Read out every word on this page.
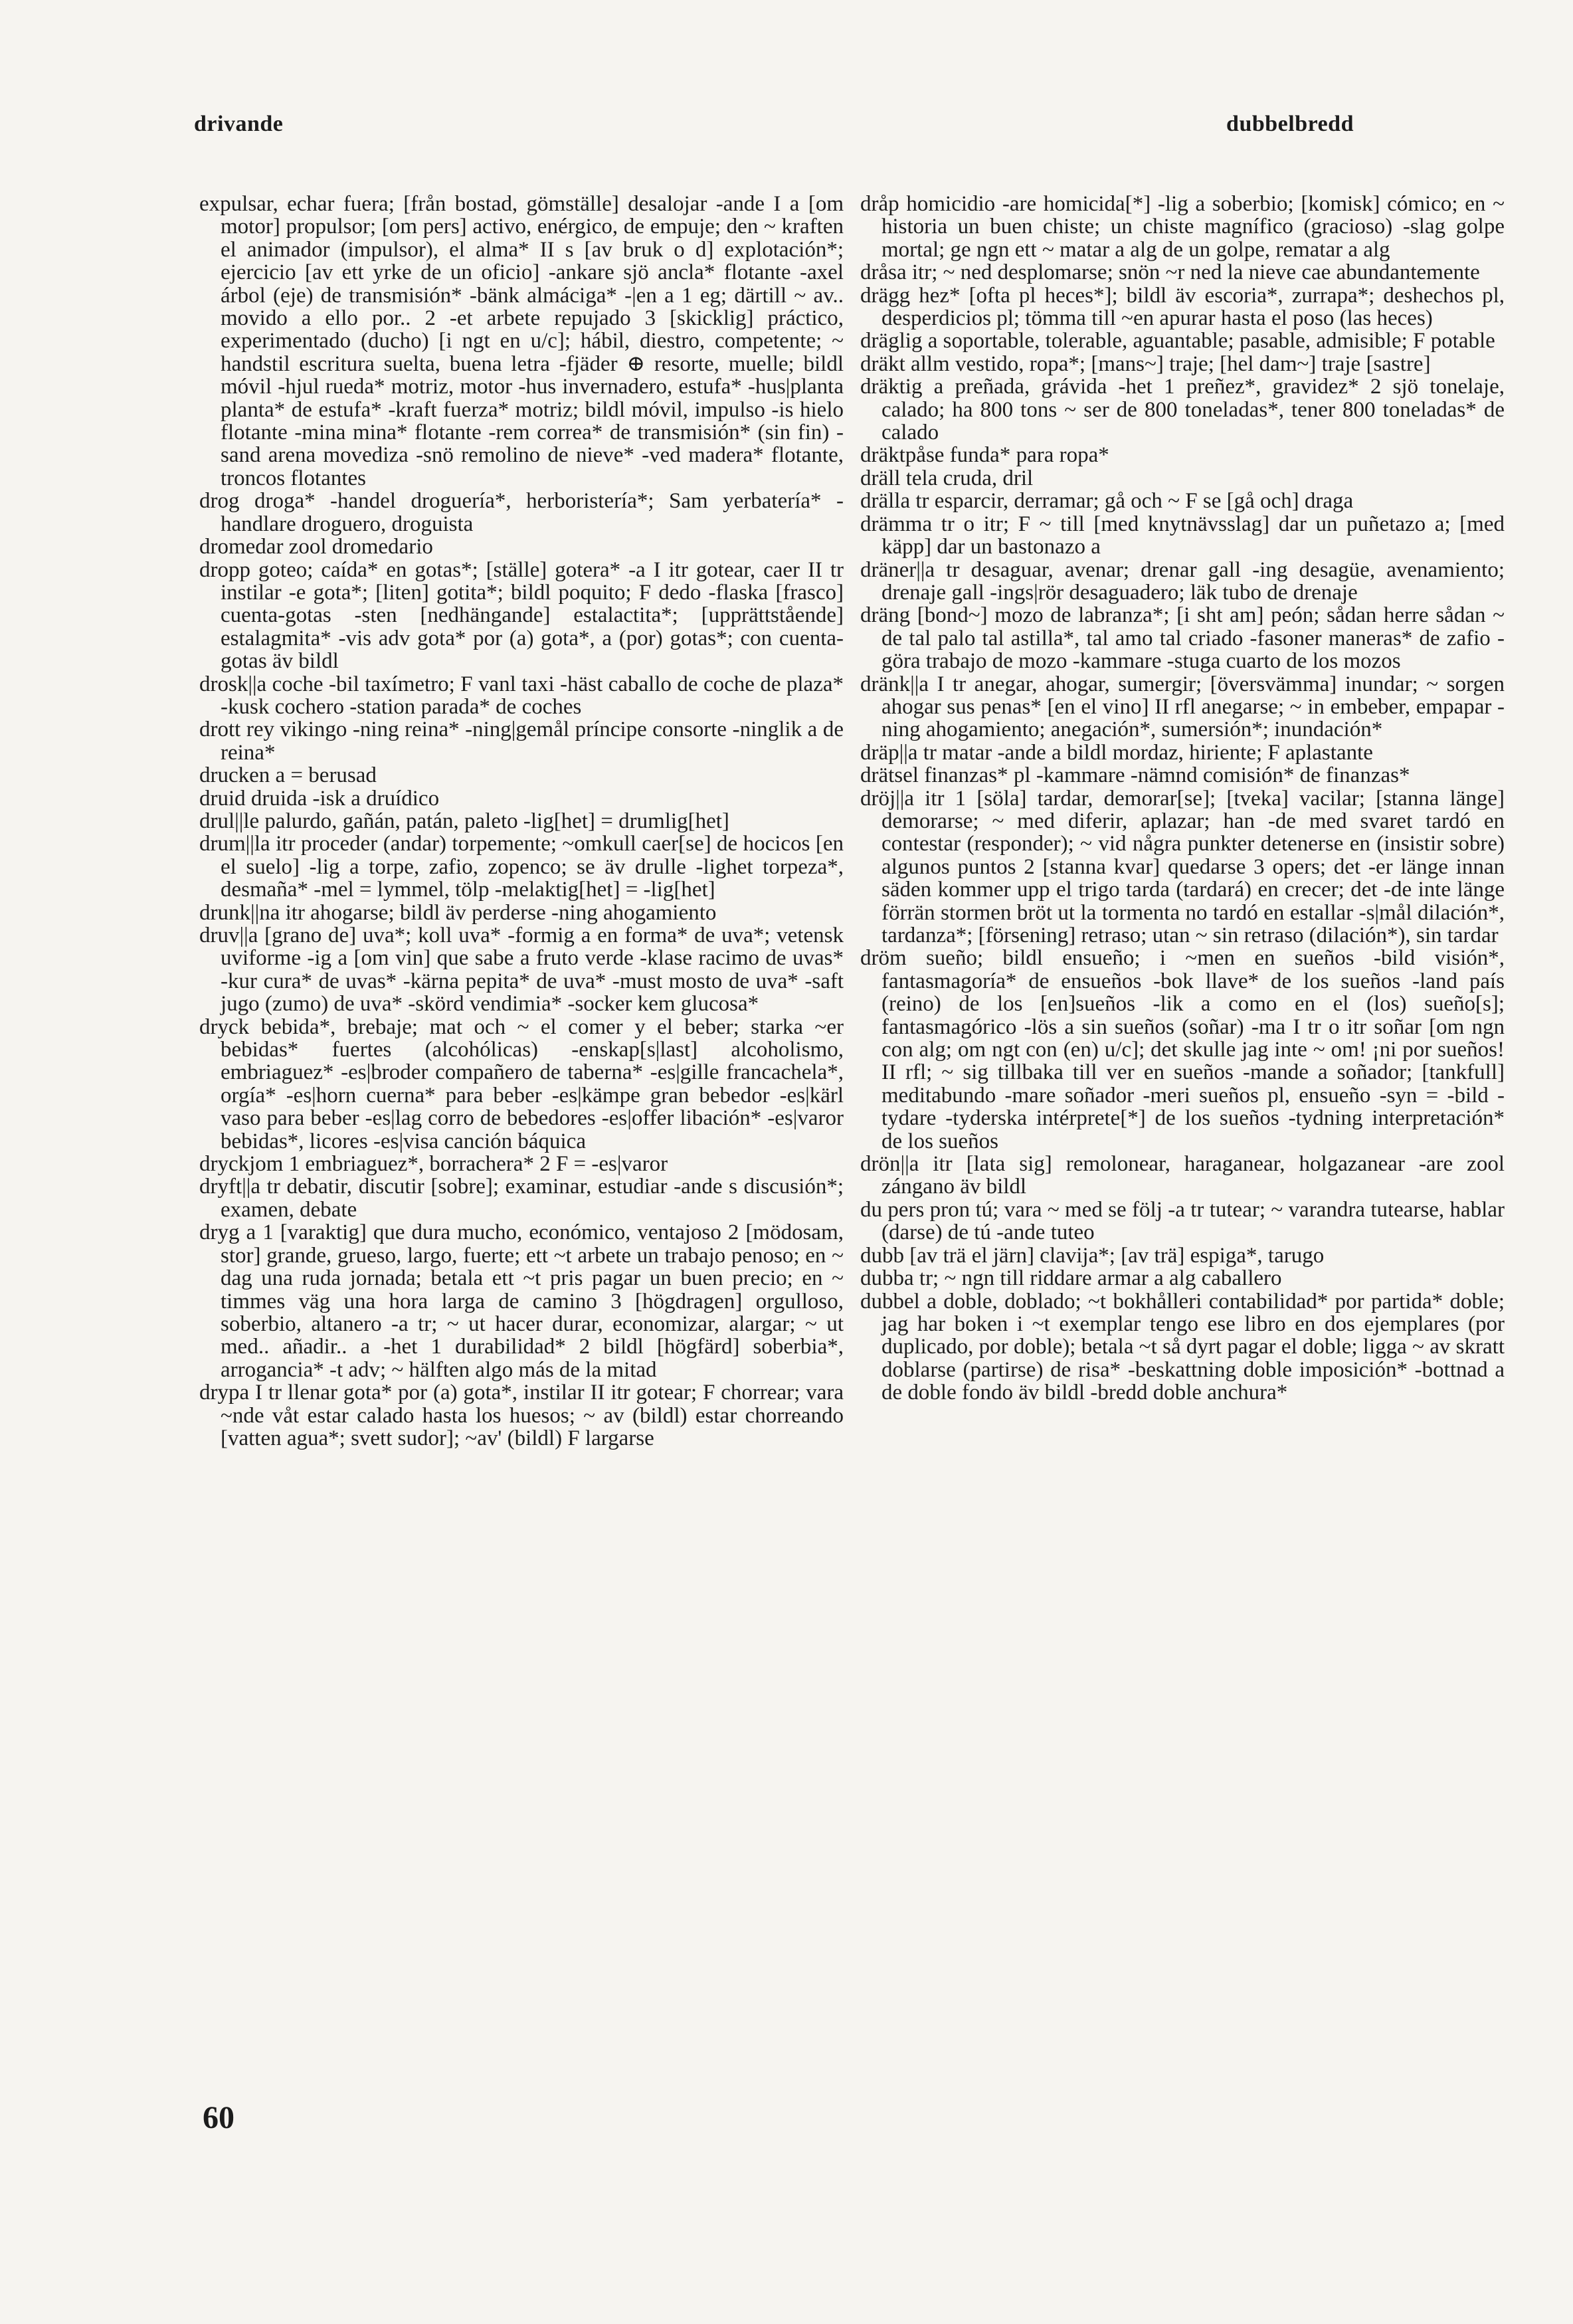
drivande	dubbelbredd

expulsar, echar fuera; [från bostad, gömställe] desalojar -ande I a [om motor] propulsor; [om pers] activo, enérgico, de empuje; den ~ kraften el animador (impulsor), el alma* II s [av bruk o d] explotación*; ejercicio [av ett yrke de un oficio] -ankare sjö ancla* flotante -axel árbol (eje) de transmisión* -bänk almáciga* -|en a 1 eg; därtill ~ av.. movido a ello por.. 2 -et arbete repujado 3 [skicklig] práctico, experimentado (ducho) [i ngt en u/c]; hábil, diestro, competente; ~ handstil escritura suelta, buena letra -fjäder ⊕ resorte, muelle; bildl móvil -hjul rueda* motriz, motor -hus invernadero, estufa* -hus|planta planta* de estufa* -kraft fuerza* motriz; bildl móvil, impulso -is hielo flotante -mina mina* flotante -rem correa* de transmisión* (sin fin) -sand arena movediza -snö remolino de nieve* -ved madera* flotante, troncos flotantes

drog droga* -handel droguería*, herboristería*; Sam yerbatería* -handlare droguero, droguista

dromedar zool dromedario

dropp goteo; caída* en gotas*; [ställe] gotera* -a I itr gotear, caer II tr instilar -e gota*; [liten] gotita*; bildl poquito; F dedo -flaska [frasco] cuenta-gotas -sten [nedhängande] estalactita*; [upprättstående] estalagmita* -vis adv gota* por (a) gota*, a (por) gotas*; con cuenta-gotas äv bildl

drosk||a coche -bil taxímetro; F vanl taxi -häst caballo de coche de plaza* -kusk cochero -station parada* de coches

drott rey vikingo -ning reina* -ning|gemål príncipe consorte -ninglik a de reina*

drucken a = berusad

druid druida -isk a druídico

drul||le palurdo, gañán, patán, paleto -lig[het] = drumlig[het]

drum||la itr proceder (andar) torpemente; ~omkull caer[se] de hocicos [en el suelo] -lig a torpe, zafio, zopenco; se äv drulle -lighet torpeza*, desmaña* -mel = lymmel, tölp -melaktig[het] = -lig[het]

drunk||na itr ahogarse; bildl äv perderse -ning ahogamiento

druv||a [grano de] uva*; koll uva* -formig a en forma* de uva*; vetensk uviforme -ig a [om vin] que sabe a fruto verde -klase racimo de uvas* -kur cura* de uvas* -kärna pepita* de uva* -must mosto de uva* -saft jugo (zumo) de uva* -skörd vendimia* -socker kem glucosa*

dryck bebida*, brebaje; mat och ~ el comer y el beber; starka ~er bebidas* fuertes (alcohólicas) -enskap[s|last] alcoholismo, embriaguez* -es|broder compañero de taberna* -es|gille francachela*, orgía* -es|horn cuerna* para beber -es|kämpe gran bebedor -es|kärl vaso para beber -es|lag corro de bebedores -es|offer libación* -es|varor bebidas*, licores -es|visa canción báquica

dryckjom 1 embriaguez*, borrachera* 2 F = -es|varor

dryft||a tr debatir, discutir [sobre]; examinar, estudiar -ande s discusión*; examen, debate

dryg a 1 [varaktig] que dura mucho, económico, ventajoso 2 [mödosam, stor] grande, grueso, largo, fuerte; ett ~t arbete un trabajo penoso; en ~ dag una ruda jornada; betala ett ~t pris pagar un buen precio; en ~ timmes väg una hora larga de camino 3 [högdragen] orgulloso, soberbio, altanero -a tr; ~ ut hacer durar, economizar, alargar; ~ ut med.. añadir.. a -het 1 durabilidad* 2 bildl [högfärd] soberbia*, arrogancia* -t adv; ~ hälften algo más de la mitad

drypa I tr llenar gota* por (a) gota*, instilar II itr gotear; F chorrear; vara ~nde våt estar calado hasta los huesos; ~ av (bildl) estar chorreando [vatten agua*; svett sudor]; ~av' (bildl) F largarse

dråp homicidio -are homicida[*] -lig a soberbio; [komisk] cómico; en ~ historia un buen chiste; un chiste magnífico (gracioso) -slag golpe mortal; ge ngn ett ~ matar a alg de un golpe, rematar a alg

dråsa itr; ~ ned desplomarse; snön ~r ned la nieve cae abundantemente

drägg hez* [ofta pl heces*]; bildl äv escoria*, zurrapa*; deshechos pl, desperdicios pl; tömma till ~en apurar hasta el poso (las heces)

dräglig a soportable, tolerable, aguantable; pasable, admisible; F potable

dräkt allm vestido, ropa*; [mans~] traje; [hel dam~] traje [sastre]

dräktig a preñada, grávida -het 1 preñez*, gravidez* 2 sjö tonelaje, calado; ha 800 tons ~ ser de 800 toneladas*, tener 800 toneladas* de calado

dräktpåse funda* para ropa*

dräll tela cruda, dril

drälla tr esparcir, derramar; gå och ~ F se [gå och] draga

drämma tr o itr; F ~ till [med knytnävsslag] dar un puñetazo a; [med käpp] dar un bastonazo a

dräner||a tr desaguar, avenar; drenar gall -ing desagüe, avenamiento; drenaje gall -ings|rör desaguadero; läk tubo de drenaje

dräng [bond~] mozo de labranza*; [i sht am] peón; sådan herre sådan ~ de tal palo tal astilla*, tal amo tal criado -fasoner maneras* de zafio -göra trabajo de mozo -kammare -stuga cuarto de los mozos

dränk||a I tr anegar, ahogar, sumergir; [översvämma] inundar; ~ sorgen ahogar sus penas* [en el vino] II rfl anegarse; ~ in embeber, empapar -ning ahogamiento; anegación*, sumersión*; inundación*

dräp||a tr matar -ande a bildl mordaz, hiriente; F aplastante

drätsel finanzas* pl -kammare -nämnd comisión* de finanzas*

dröj||a itr 1 [söla] tardar, demorar[se]; [tveka] vacilar; [stanna länge] demorarse; ~ med diferir, aplazar; han -de med svaret tardó en contestar (responder); ~ vid några punkter detenerse en (insistir sobre) algunos puntos 2 [stanna kvar] quedarse 3 opers; det -er länge innan säden kommer upp el trigo tarda (tardará) en crecer; det -de inte länge förrän stormen bröt ut la tormenta no tardó en estallar -s|mål dilación*, tardanza*; [försening] retraso; utan ~ sin retraso (dilación*), sin tardar

dröm sueño; bildl ensueño; i ~men en sueños -bild visión*, fantasmagoría* de ensueños -bok llave* de los sueños -land país (reino) de los [en]sueños -lik a como en el (los) sueño[s]; fantasmagórico -lös a sin sueños (soñar) -ma I tr o itr soñar [om ngn con alg; om ngt con (en) u/c]; det skulle jag inte ~ om! ¡ni por sueños! II rfl; ~ sig tillbaka till ver en sueños -mande a soñador; [tankfull] meditabundo -mare soñador -meri sueños pl, ensueño -syn = -bild -tydare -tyderska intérprete[*] de los sueños -tydning interpretación* de los sueños

drön||a itr [lata sig] remolonear, haraganear, holgazanear -are zool zángano äv bildl

du pers pron tú; vara ~ med se följ -a tr tutear; ~ varandra tutearse, hablar (darse) de tú -ande tuteo

dubb [av trä el järn] clavija*; [av trä] espiga*, tarugo

dubba tr; ~ ngn till riddare armar a alg caballero

dubbel a doble, doblado; ~t bokhålleri contabilidad* por partida* doble; jag har boken i ~t exemplar tengo ese libro en dos ejemplares (por duplicado, por doble); betala ~t så dyrt pagar el doble; ligga ~ av skratt doblarse (partirse) de risa* -beskattning doble imposición* -bottnad a de doble fondo äv bildl -bredd doble anchura*

60
